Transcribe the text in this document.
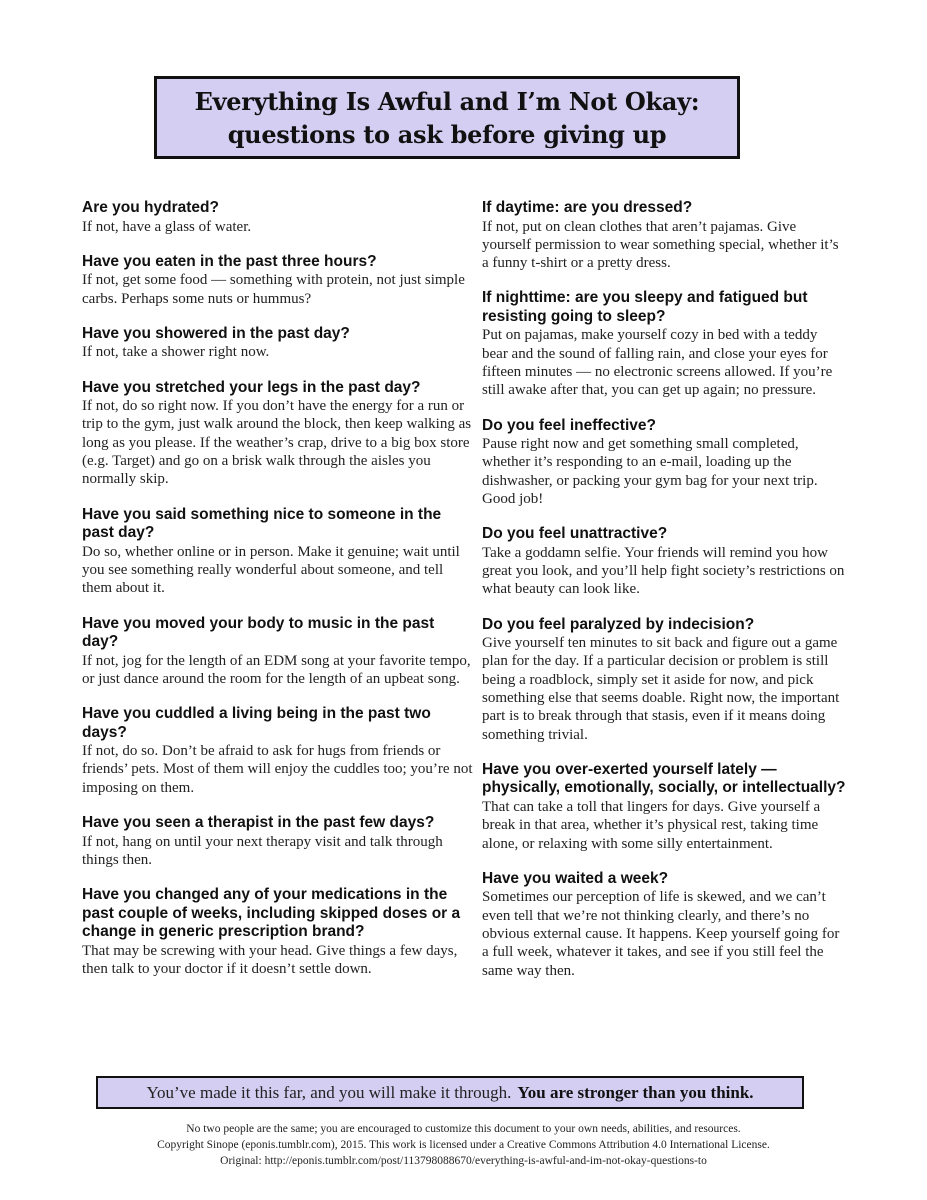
Everything Is Awful and I’m Not Okay:
questions to ask before giving up

Are you hydrated?

If not, have a glass of water.

Have you eaten in the past three hours?

If not, get some food — something with protein, not just simple carbs. Perhaps some nuts or hummus?

Have you showered in the past day?

If not, take a shower right now.

Have you stretched your legs in the past day?

If not, do so right now. If you don’t have the energy for a run or trip to the gym, just walk around the block, then keep walking as long as you please. If the weather’s crap, drive to a big box store (e.g. Target) and go on a brisk walk through the aisles you normally skip.

Have you said something nice to someone in the past day?

Do so, whether online or in person. Make it genuine; wait until you see something really wonderful about someone, and tell them about it.

Have you moved your body to music in the past day?

If not, jog for the length of an EDM song at your favorite tempo, or just dance around the room for the length of an upbeat song.

Have you cuddled a living being in the past two days?

If not, do so. Don’t be afraid to ask for hugs from friends or friends’ pets. Most of them will enjoy the cuddles too; you’re not imposing on them.

Have you seen a therapist in the past few days?

If not, hang on until your next therapy visit and talk through things then.

Have you changed any of your medications in the past couple of weeks, including skipped doses or a change in generic prescription brand?

That may be screwing with your head. Give things a few days, then talk to your doctor if it doesn’t settle down.

If daytime: are you dressed?

If not, put on clean clothes that aren’t pajamas. Give yourself permission to wear something special, whether it’s a funny t-shirt or a pretty dress.

If nighttime: are you sleepy and fatigued but resisting going to sleep?

Put on pajamas, make yourself cozy in bed with a teddy bear and the sound of falling rain, and close your eyes for fifteen minutes — no electronic screens allowed. If you’re still awake after that, you can get up again; no pressure.

Do you feel ineffective?

Pause right now and get something small completed, whether it’s responding to an e-mail, loading up the dishwasher, or packing your gym bag for your next trip. Good job!

Do you feel unattractive?

Take a goddamn selfie. Your friends will remind you how great you look, and you’ll help fight society’s restrictions on what beauty can look like.

Do you feel paralyzed by indecision?

Give yourself ten minutes to sit back and figure out a game plan for the day. If a particular decision or problem is still being a roadblock, simply set it aside for now, and pick something else that seems doable. Right now, the important part is to break through that stasis, even if it means doing something trivial.

Have you over-exerted yourself lately — physically, emotionally, socially, or intellectually?

That can take a toll that lingers for days. Give yourself a break in that area, whether it’s physical rest, taking time alone, or relaxing with some silly entertainment.

Have you waited a week?

Sometimes our perception of life is skewed, and we can’t even tell that we’re not thinking clearly, and there’s no obvious external cause. It happens. Keep yourself going for a full week, whatever it takes, and see if you still feel the same way then.

You’ve made it this far, and you will make it through. You are stronger than you think.
No two people are the same; you are encouraged to customize this document to your own needs, abilities, and resources.
Copyright Sinope (eponis.tumblr.com), 2015. This work is licensed under a Creative Commons Attribution 4.0 International License.
Original: http://eponis.tumblr.com/post/113798088670/everything-is-awful-and-im-not-okay-questions-to
